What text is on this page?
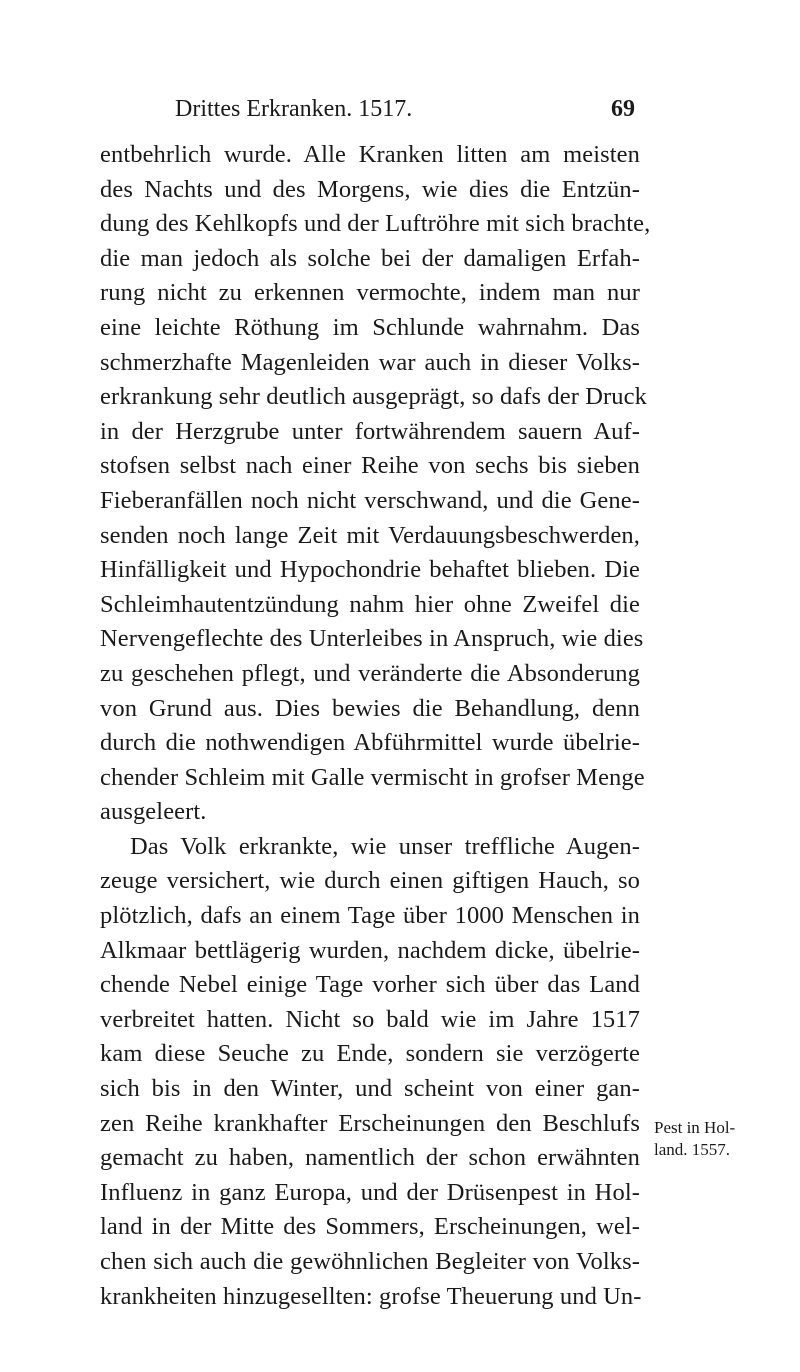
Drittes Erkranken. 1517.	69
entbehrlich wurde. Alle Kranken litten am meisten
des Nachts und des Morgens, wie dies die Entzün-
dung des Kehlkopfs und der Luftröhre mit sich brachte,
die man jedoch als solche bei der damaligen Erfah-
rung nicht zu erkennen vermochte, indem man nur
eine leichte Röthung im Schlunde wahrnahm. Das
schmerzhafte Magenleiden war auch in dieser Volks-
erkrankung sehr deutlich ausgeprägt, so dafs der Druck
in der Herzgrube unter fortwährendem sauern Auf-
stofsen selbst nach einer Reihe von sechs bis sieben
Fieberanfällen noch nicht verschwand, und die Gene-
senden noch lange Zeit mit Verdauungsbeschwerden,
Hinfälligkeit und Hypochondrie behaftet blieben. Die
Schleimhautentzündung nahm hier ohne Zweifel die
Nervengeflechte des Unterleibes in Anspruch, wie dies
zu geschehen pflegt, und veränderte die Absonderung
von Grund aus. Dies bewies die Behandlung, denn
durch die nothwendigen Abführmittel wurde übelrie-
chender Schleim mit Galle vermischt in grofser Menge
ausgeleert.
Das Volk erkrankte, wie unser treffliche Augen-
zeuge versichert, wie durch einen giftigen Hauch, so
plötzlich, dafs an einem Tage über 1000 Menschen in
Alkmaar bettlägerig wurden, nachdem dicke, übelrie-
chende Nebel einige Tage vorher sich über das Land
verbreitet hatten. Nicht so bald wie im Jahre 1517
kam diese Seuche zu Ende, sondern sie verzögerte
sich bis in den Winter, und scheint von einer gan-
zen Reihe krankhafter Erscheinungen den Beschlufs
gemacht zu haben, namentlich der schon erwähnten
Influenz in ganz Europa, und der Drüsenpest in Hol-
land in der Mitte des Sommers, Erscheinungen, wel-
chen sich auch die gewöhnlichen Begleiter von Volks-
krankheiten hinzugesellten: grofse Theuerung und Un-
Pest in Hol-
land. 1557.
